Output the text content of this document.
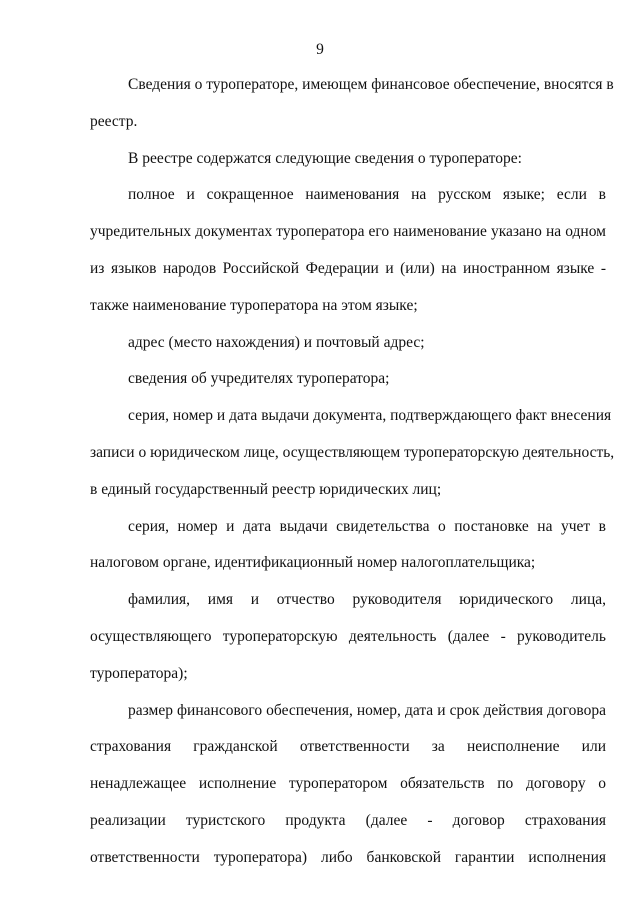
9
Сведения о туроператоре, имеющем финансовое обеспечение, вносятся в
реестр.
В реестре содержатся следующие сведения о туроператоре:
полное и сокращенное наименования на русском языке; если в
учредительных документах туроператора его наименование указано на одном
из языков народов Российской Федерации и (или) на иностранном языке -
также наименование туроператора на этом языке;
адрес (место нахождения) и почтовый адрес;
сведения об учредителях туроператора;
серия, номер и дата выдачи документа, подтверждающего факт внесения
записи о юридическом лице, осуществляющем туроператорскую деятельность,
в единый государственный реестр юридических лиц;
серия, номер и дата выдачи свидетельства о постановке на учет в
налоговом органе, идентификационный номер налогоплательщика;
фамилия, имя и отчество руководителя юридического лица,
осуществляющего туроператорскую деятельность (далее - руководитель
туроператора);
размер финансового обеспечения, номер, дата и срок действия договора
страхования гражданской ответственности за неисполнение или
ненадлежащее исполнение туроператором обязательств по договору о
реализации туристского продукта (далее - договор страхования
ответственности туроператора) либо банковской гарантии исполнения
